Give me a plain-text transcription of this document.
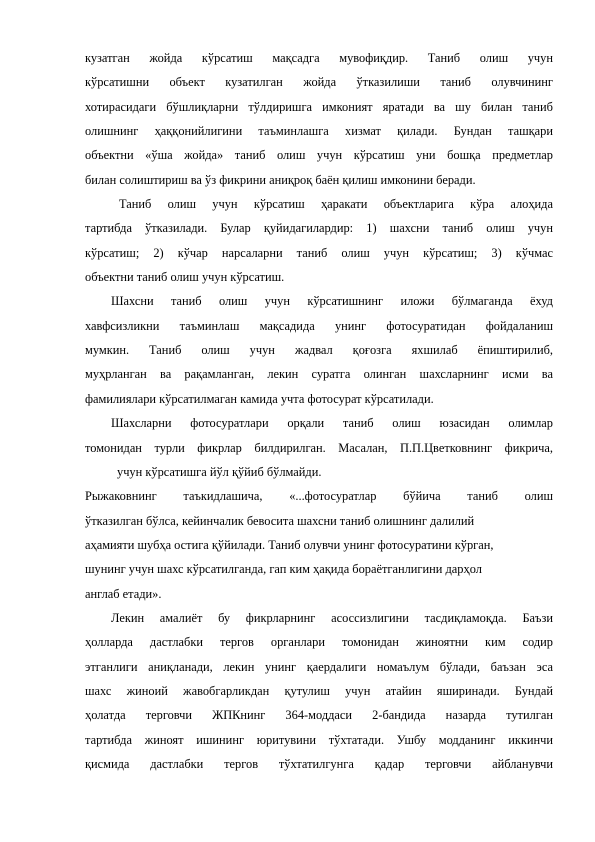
кузатган жойда кўрсатиш мақсадга мувофиқдир. Таниб олиш учун
кўрсатишни объект кузатилган жойда ўтказилиши таниб олувчининг
хотирасидаги бўшлиқларни тўлдиришга имконият яратади ва шу билан таниб
олишнинг ҳаққонийлигини таъминлашга хизмат қилади. Бундан ташқари
объектни «ўша жойда» таниб олиш учун кўрсатиш уни бошқа предметлар
билан солиштириш ва ўз фикрини аниқроқ баён қилиш имконини беради.
Таниб олиш учун кўрсатиш ҳаракати объектларига кўра алоҳида
тартибда ўтказилади. Булар қуйидагилардир: 1) шахсни таниб олиш учун
кўрсатиш; 2) кўчар нарсаларни таниб олиш учун кўрсатиш; 3) кўчмас
объектни таниб олиш учун кўрсатиш.
Шахсни таниб олиш учун кўрсатишнинг иложи бўлмаганда ёхуд
хавфсизликни таъминлаш мақсадида унинг фотосуратидан фойдаланиш
мумкин. Таниб олиш учун жадвал қоғозга яхшилаб ёпиштирилиб,
муҳрланган ва рақамланган, лекин суратга олинган шахсларнинг исми ва
фамилиялари кўрсатилмаган камида учта фотосурат кўрсатилади.
Шахсларни фотосуратлари орқали таниб олиш юзасидан олимлар
томонидан турли фикрлар билдирилган. Масалан, П.П.Цветковнинг фикрича,
учун кўрсатишга йўл қўйиб бўлмайди.
Рыжаковнинг таъкидлашича, «...фотосуратлар бўйича таниб олиш
ўтказилган бўлса, кейинчалик бевосита шахсни таниб олишнинг далилий
аҳамияти шубҳа остига қўйилади. Таниб олувчи унинг фотосуратини кўрган,
шунинг учун шахс кўрсатилганда, гап ким ҳақида бораётганлигини дарҳол
англаб етади».
Лекин амалиёт бу фикрларнинг асоссизлигини тасдиқламоқда. Баъзи
ҳолларда дастлабки тергов органлари томонидан жиноятни ким содир
этганлиги аниқланади, лекин унинг қаердалиги номаълум бўлади, баъзан эса
шахс жиноий жавобгарликдан қутулиш учун атайин яширинади. Бундай
ҳолатда терговчи ЖПКнинг 364-моддаси 2-бандида назарда тутилган
тартибда жиноят ишининг юритувини тўхтатади. Ушбу модданинг иккинчи
қисмида дастлабки тергов тўхтатилгунга қадар терговчи айбланувчи
